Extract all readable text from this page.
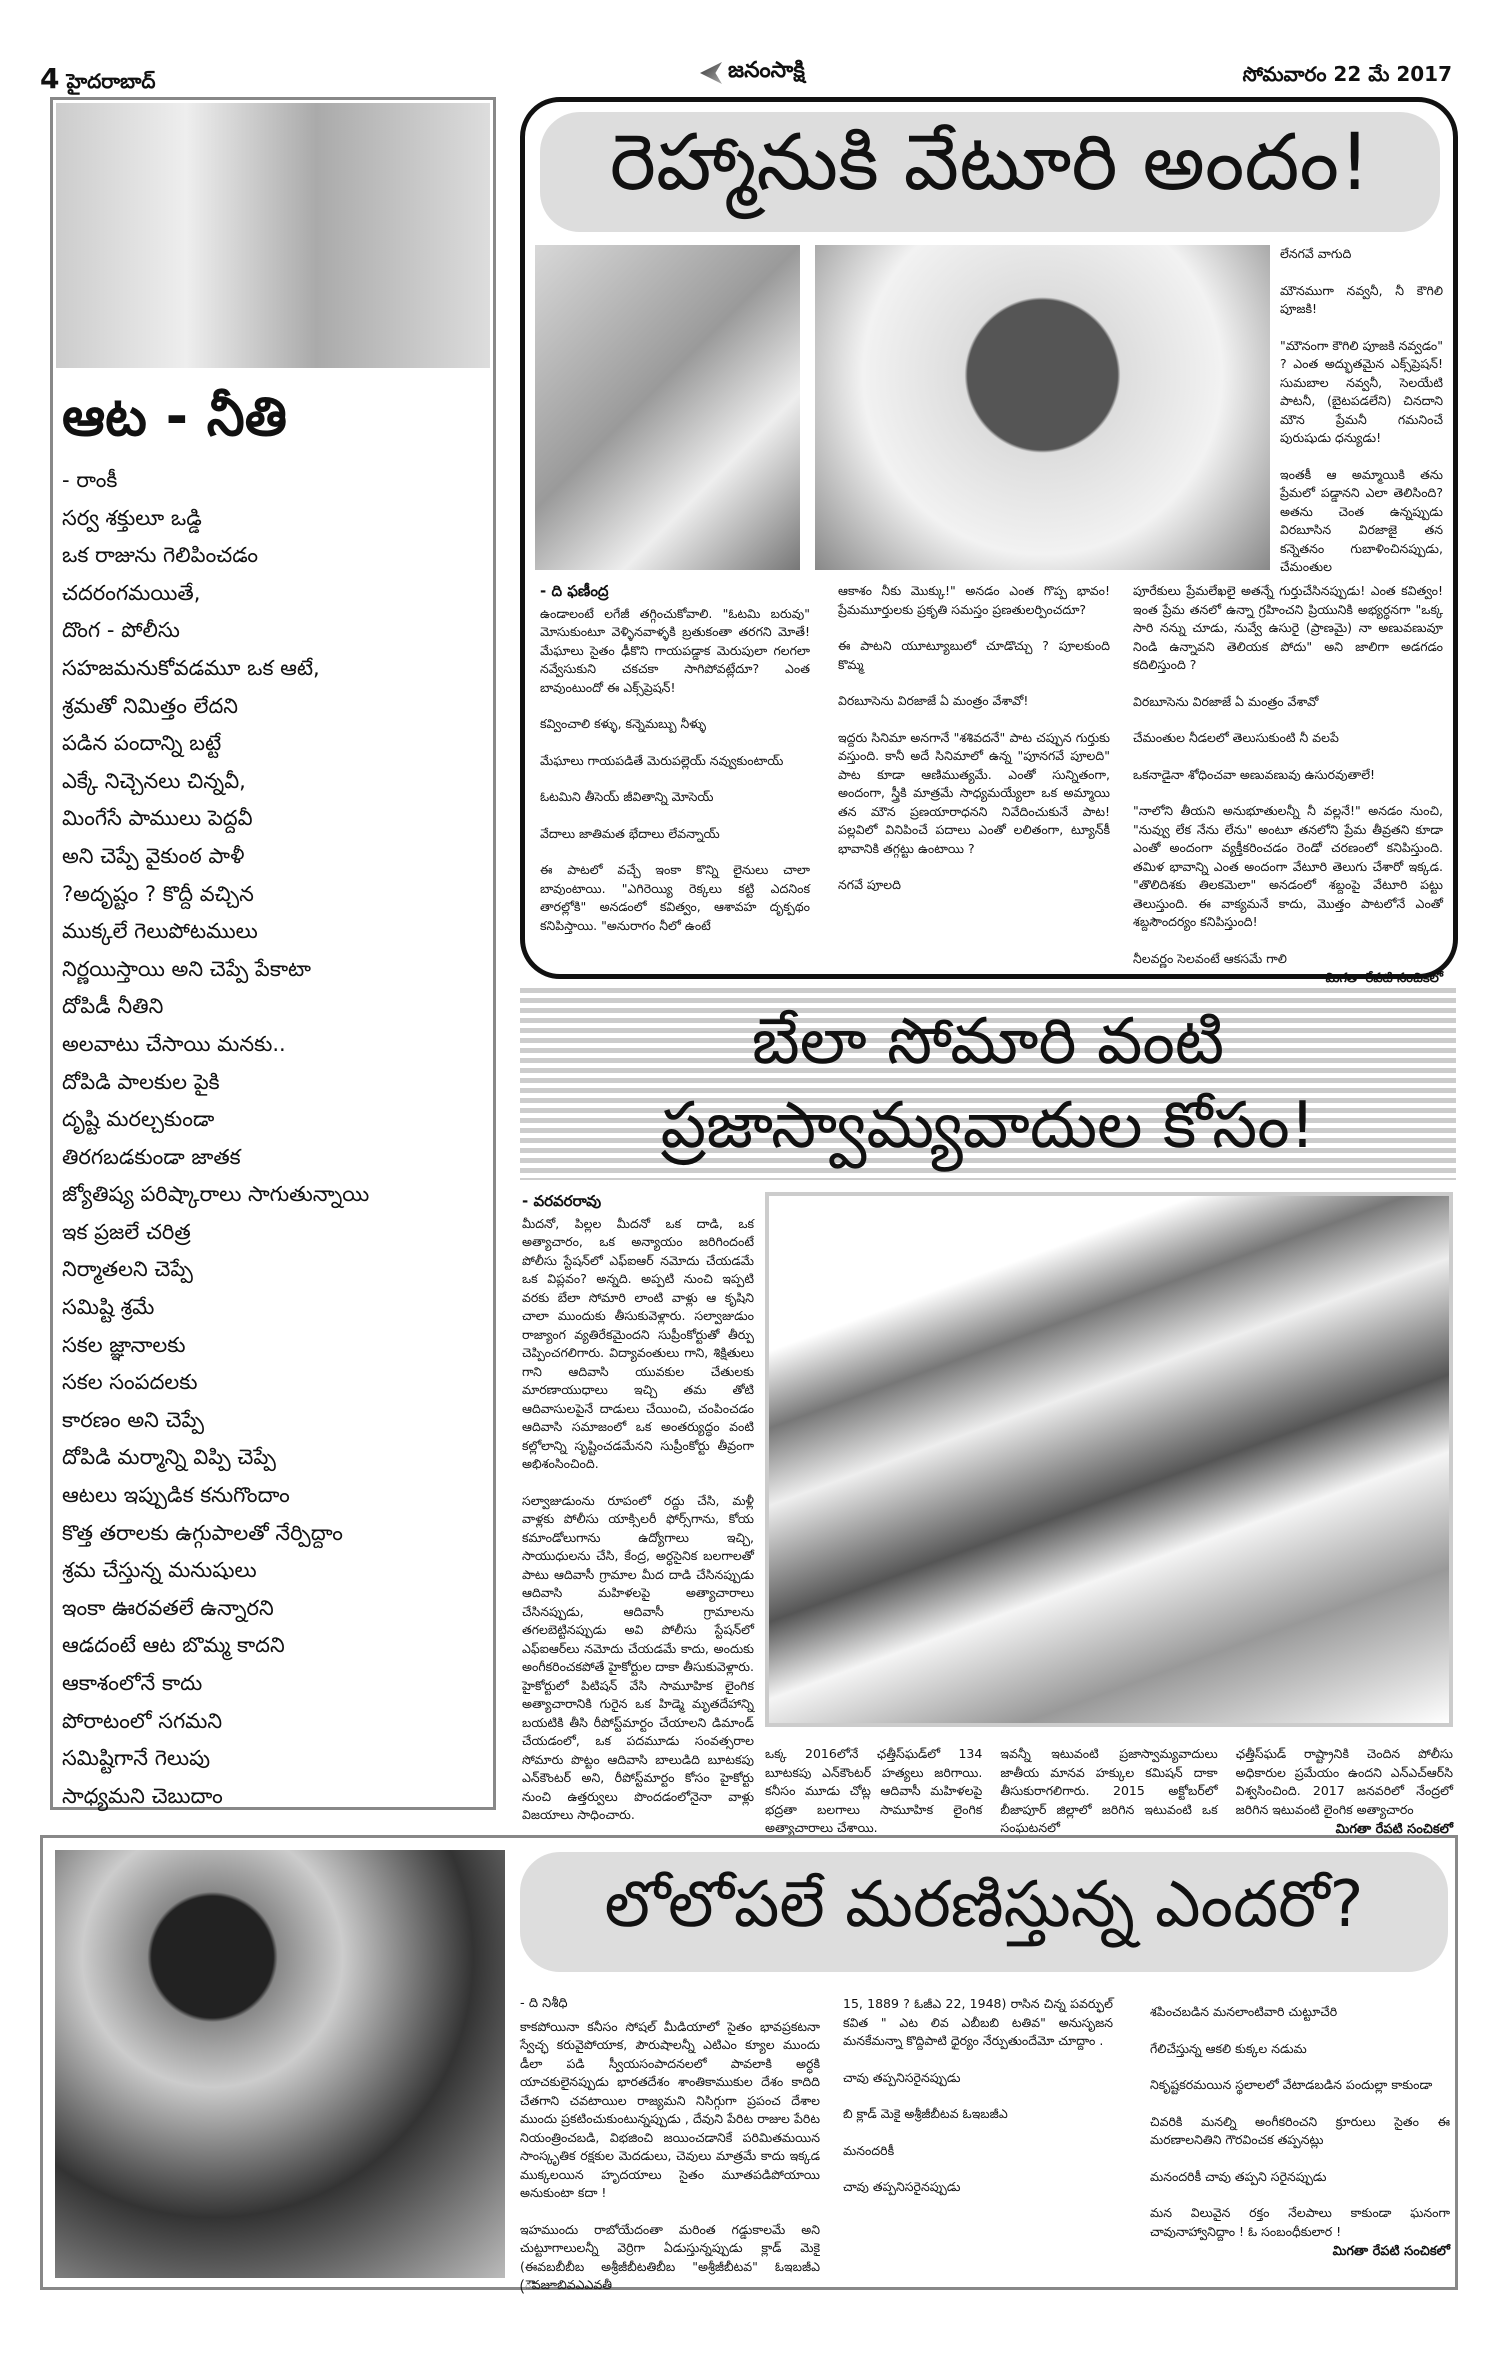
4 హైదరాబాద్	జనంసాక్షి	సోమవారం 22 మే 2017
ఆట - నీతి
- రాంకీ
సర్వ శక్తులూ ఒడ్డి
ఒక రాజును గెలిపించడం
చదరంగమయితే,
దొంగ - పోలీసు
సహజమనుకోవడమూ ఒక ఆటే,
శ్రమతో నిమిత్తం లేదని
పడిన పందాన్ని బట్టే
ఎక్కే నిచ్చెనలు చిన్నవీ,
మింగేసే పాములు పెద్దవీ
అని చెప్పే వైకుంఠ పాళీ
?అదృష్టం ? కొద్దీ వచ్చిన
ముక్కలే గెలుపోటములు
నిర్ణయిస్తాయి అని చెప్పే పేకాటా
దోపిడీ నీతిని
అలవాటు చేసాయి మనకు..
దోపిడి పాలకుల పైకి
దృష్టి మరల్చకుండా
తిరగబడకుండా జాతక
జ్యోతిష్య పరిష్కారాలు సాగుతున్నాయి
ఇక ప్రజలే చరిత్ర
నిర్మాతలని చెప్పే
సమిష్టి శ్రమే
సకల జ్ఞానాలకు
సకల సంపదలకు
కారణం అని చెప్పే
దోపిడి మర్మాన్ని విప్పి చెప్పే
ఆటలు ఇప్పుడిక కనుగొందాం
కొత్త తరాలకు ఉగ్గుపాలతో నేర్పిద్దాం
శ్రమ చేస్తున్న మనుషులు
ఇంకా ఊరవతలే ఉన్నారని
ఆడదంటే ఆట బొమ్మ కాదని
ఆకాశంలోనే కాదు
పోరాటంలో సగమని
సమిష్టిగానే గెలుపు
సాధ్యమని చెబుదాం
రెహ్మానుకి వేటూరి అందం!

లేనగవే వాగుది

మౌనముగా నవ్వనీ, నీ కౌగిలి పూజకి!

"మౌనంగా కౌగిలి పూజకి నవ్వడం" ? ఎంత అద్భుతమైన ఎక్స్‌ప్రెషన్! సుమబాల నవ్వనీ, సెలయేటి పాటనీ, (బైటపడలేని) చినదాని మౌన ప్రేమనీ గమనించే పురుషుడు ధన్యుడు!

ఇంతకీ ఆ అమ్మాయికి తను ప్రేమలో పడ్డానని ఎలా తెలిసింది? అతను చెంత ఉన్నప్పుడు విరబూసిన విరజాజై తన కన్నెతనం గుబాళించినప్పుడు, చేమంతుల

- ది ఫణీంద్ర

ఉండాలంటే లగేజీ తగ్గించుకోవాలి. "ఓటమి బరువు" మోసుకుంటూ వెళ్ళినవాళ్ళకి బ్రతుకంతా తరగని మోతే! మేఘాలు సైతం ఢీకొని గాయపడ్డాక మెరుపులా గలగలా నవ్వేసుకుని చకచకా సాగిపోవట్లేదూ? ఎంత బావుంటుందో ఈ ఎక్స్‌ప్రెషన్!

కవ్వించాలి కళ్ళు, కన్నెమబ్బు నీళ్ళు

మేఘాలు గాయపడితే మెరుపల్లెయ్ నవ్వుకుంటాయ్

ఓటమిని తీసెయ్ జీవితాన్ని మోసెయ్

వేదాలు జాతిమత భేదాలు లేవన్నాయ్

ఈ పాటలో వచ్చే ఇంకా కొన్ని లైనులు చాలా బావుంటాయి. "ఎగిరెయ్యి రెక్కలు కట్టి ఎదనింక తారల్లోకి" అనడంలో కవిత్వం, ఆశావహ దృక్పథం కనిపిస్తాయి. "అనురాగం నీలో ఉంటే

ఆకాశం నీకు మొక్కు!" అనడం ఎంత గొప్ప భావం! ప్రేమమూర్తులకు ప్రకృతి సమస్తం ప్రణతులర్పించదూ?

ఈ పాటని యూట్యూబులో చూడొచ్చు ? పూలకుంది కొమ్మ

విరబూసెను విరజాజే ఏ మంత్రం వేశావో!

ఇద్దరు సినిమా అనగానే "శశివదనే" పాట చప్పున గుర్తుకు వస్తుంది. కానీ అదే సినిమాలో ఉన్న "పూనగవే పూలది" పాట కూడా ఆణిముత్యమే. ఎంతో సున్నితంగా, అందంగా, స్త్రీకి మాత్రమే సాధ్యమయ్యేలా ఒక అమ్మాయి తన మౌన ప్రణయారాధనని నివేదించుకునే పాట! పల్లవిలో వినిపించే పదాలు ఎంతో లలితంగా, ట్యూన్‌కీ భావానికి తగ్గట్టు ఉంటాయి ?

నగవే పూలది

పూరేకులు ప్రేమలేఖలై అతన్నే గుర్తుచేసినప్పుడు! ఎంత కవిత్వం! ఇంత ప్రేమ తనలో ఉన్నా గ్రహించని ప్రియునికి అభ్యర్ధనగా "ఒక్క సారి నన్ను చూడు, నువ్వే ఉసురై (ప్రాణమై) నా అణువణువూ నిండి ఉన్నావని తెలియక పోదు" అని జాలిగా అడగడం కదిలిస్తుంది ?

విరబూసెను విరజాజే ఏ మంత్రం వేశావో

చేమంతుల నీడలలో తెలుసుకుంటి నీ వలపే

ఒకనాడైనా శోధించవా అణువణువు ఉసురవుతాలే!

"నాలోని తీయని అనుభూతులన్నీ నీ వల్లనే!" అనడం నుంచి, "నువ్వు లేక నేను లేను" అంటూ తనలోని ప్రేమ తీవ్రతని కూడా ఎంతో అందంగా వ్యక్తీకరించడం రెండో చరణంలో కనిపిస్తుంది. తమిళ భావాన్ని ఎంత అందంగా వేటూరి తెలుగు చేశారో ఇక్కడ. "తొలిదిశకు తిలకమెలా" అనడంలో శబ్దంపై వేటూరి పట్టు తెలుస్తుంది. ఈ వాక్యమనే కాదు, మొత్తం పాటలోనే ఎంతో శబ్దసౌందర్యం కనిపిస్తుంది!

నీలవర్ణం సెలవంటే ఆకసమే గాలి
మిగతా రేపటి సంచికలో
బేలా సోమారి వంటి
ప్రజాస్వామ్యవాదుల కోసం!
- వరవరరావు

మీదనో, పిల్లల మీదనో ఒక దాడి, ఒక అత్యాచారం, ఒక అన్యాయం జరిగిందంటే పోలీసు స్టేషన్‌లో ఎఫ్ఐఆర్ నమోదు చేయడమే ఒక విప్లవం? అన్నది. అప్పటి నుంచి ఇప్పటి వరకు బేలా సోమారి లాంటి వాళ్లు ఆ కృషిని చాలా ముందుకు తీసుకువెళ్లారు. సల్వాజుడుం రాజ్యాంగ వ్యతిరేకమైందని సుప్రీంకోర్టుతో తీర్పు చెప్పించగలిగారు. విద్యావంతులు గాని, శిక్షితులు గాని ఆదివాసి యువకుల చేతులకు మారణాయుధాలు ఇచ్చి తమ తోటి ఆదివాసులపైనే దాడులు చేయించి, చంపించడం ఆదివాసి సమాజంలో ఒక అంతర్యుద్ధం వంటి కల్లోలాన్ని సృష్టించడమేనని సుప్రీంకోర్టు తీవ్రంగా అభిశంసించింది.

సల్వాజుడుంను రూపంలో రద్దు చేసి, మళ్లీ వాళ్లకు పోలీసు యాక్సిలరీ ఫోర్స్‌గాను, కోయ కమాండోలుగాను ఉద్యోగాలు ఇచ్చి, సాయుధులను చేసి, కేంద్ర, అర్ధసైనిక బలగాలతో పాటు ఆదివాసీ గ్రామాల మీద దాడి చేసినప్పుడు ఆదివాసి మహిళలపై అత్యాచారాలు చేసినప్పుడు, ఆదివాసీ గ్రామాలను తగలబెట్టినప్పుడు అవి పోలీసు స్టేషన్‌లో ఎఫ్ఐఆర్‌లు నమోదు చేయడమే కాదు, అందుకు అంగీకరించకపోతే హైకోర్టుల దాకా తీసుకువెళ్లారు. హైకోర్టులో పిటిషన్ వేసి సామూహిక లైంగిక అత్యాచారానికి గురైన ఒక హిడ్మె మృతదేహాన్ని బయటికి తీసి రీపోస్ట్‌మార్టం చేయాలని డిమాండ్ చేయడంలో, ఒక పదమూడు సంవత్సరాల సోమారు పొట్టం ఆదివాసి బాలుడిది బూటకపు ఎన్‌కౌంటర్ అని, రీపోస్ట్‌మార్టం కోసం హైకోర్టు నుంచి ఉత్తర్వులు పొందడంలోనైనా వాళ్లు విజయాలు సాధించారు.

ఒక్క 2016లోనే ఛత్తీస్‌ఘడ్‌లో 134 బూటకపు ఎన్‌కౌంటర్ హత్యలు జరిగాయి. కనీసం మూడు చోట్ల ఆదివాసీ మహిళలపై భద్రతా బలగాలు సామూహిక లైంగిక అత్యాచారాలు చేశాయి.

ఇవన్నీ ఇటువంటి ప్రజాస్వామ్యవాదులు జాతీయ మానవ హక్కుల కమిషన్ దాకా తీసుకురాగలిగారు. 2015 అక్టోబర్‌లో బీజాపూర్ జిల్లాలో జరిగిన ఇటువంటి ఒక సంఘటనలో

ఛత్తీస్‌ఘడ్ రాష్ట్రానికి చెందిన పోలీసు అధికారుల ప్రమేయం ఉందని ఎన్ఎచ్ఆర్‌సి విశ్వసించింది. 2017 జనవరిలో నేంద్రలో జరిగిన ఇటువంటి లైంగిక అత్యాచారం

మిగతా రేపటి సంచికలో
లోలోపలే మరణిస్తున్న ఎందరో?
- ది నిశీధి

కాకపోయినా కనీసం సోషల్ మీడియాలో సైతం భావప్రకటనా స్వేచ్ఛ కరువైపోయాక, పౌరుషాలన్నీ ఎటిఎం క్యూల ముందు డీలా పడి స్వీయసంపాదనలలో పావలాకి అర్ధకి యాచకులైనప్పుడు భారతదేశం శాంతికాముకుల దేశం కాదిది చేతగాని చవటాయిల రాజ్యమని నిసిగ్గుగా ప్రపంచ దేశాల ముందు ప్రకటించుకుంటున్నప్పుడు , దేవుని పేరిట రాజుల పేరిట నియంత్రించబడి, విభజించి జయించడానికే పరిమితమయిన సాంస్కృతిక రక్షకుల మెదడులు, చెవులు మాత్రమే కాదు ఇక్కడ ముక్కలయిన హృదయాలు సైతం మూతపడిపోయాయి అనుకుంటా కదా !

ఇహముందు రాబోయేదంతా మరింత గడ్డుకాలమే అని చుట్టూగాలులన్నీ వెర్రిగా ఏడుస్తున్నప్పుడు క్లాడ్ మెకై (ఈవబబీబీబ అశ్రీజీబీటతిబీబ "అశ్రీజీబీటవ" ఓఇబజీఎ (ౌవజూబివఎఎవతీ

15, 1889 ? ఓజీఎ 22, 1948) రాసిన చిన్న పవర్ఫుల్ కవిత " ఎట లివ ఎబీబబి టతివ" అనుసృజన మనకేమన్నా కొద్దిపాటి ధైర్యం నేర్పుతుందేమో చూద్దాం .

చావు తప్పనిసరైనప్పుడు

బి క్లాడ్ మెకై అశ్రీజీబీటవ ఓఇబజీఎ

మనందరికీ

చావు తప్పనిసరైనప్పుడు

శపించబడిన మనలాంటివారి చుట్టూచేరి

గేలిచేస్తున్న ఆకలి కుక్కల నడుమ

నికృష్టకరమయిన స్థలాలలో వేటాడబడిన పందుల్లా కాకుండా

చివరికి మనల్ని అంగీకరించని క్రూరులు సైతం ఈ మరణాలనితిని గౌరవించక తప్పనట్లు

మనందరికీ చావు తప్పని సరైనప్పుడు

మన విలువైన రక్తం నేలపాలు కాకుండా ఘనంగా చావునాహ్వానిద్దాం ! ఓ సంబంధీకులార !

మిగతా రేపటి సంచికలో
